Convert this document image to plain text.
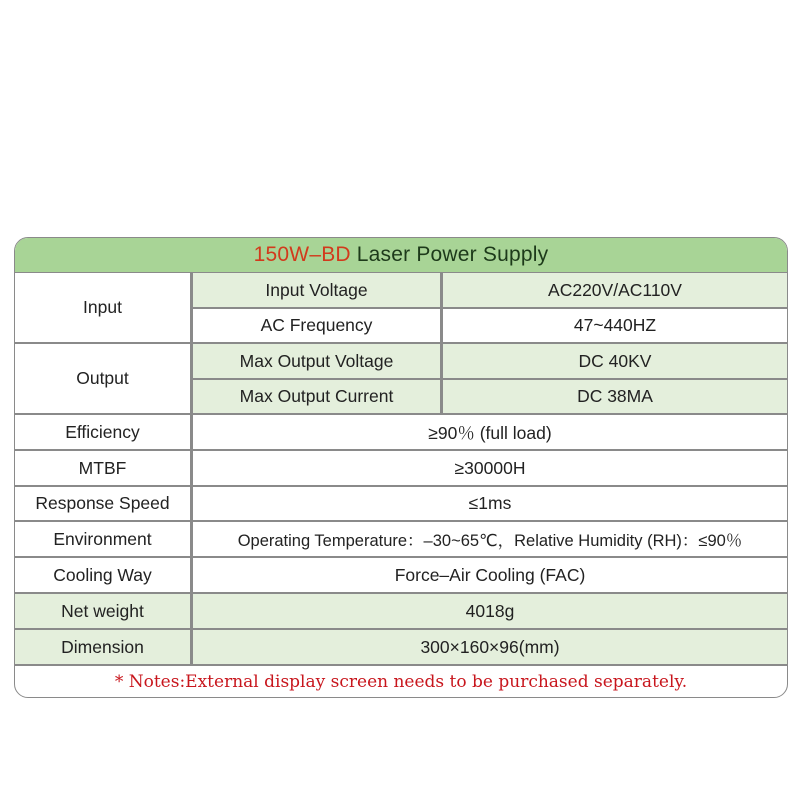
150W–BD Laser Power Supply
Input
Input Voltage	AC220V/AC110V
AC Frequency	47~440HZ
Output
Max Output Voltage	DC 40KV
Max Output Current	DC 38MA
Efficiency	≥90％ (full load)
MTBF	≥30000H
Response Speed	≤1ms
Environment	Operating Temperature：–30~65℃，Relative Humidity (RH)：≤90％
Cooling Way	Force–Air Cooling (FAC)
Net weight	4018g
Dimension	300×160×96(mm)
* Notes:External display screen needs to be purchased separately.
